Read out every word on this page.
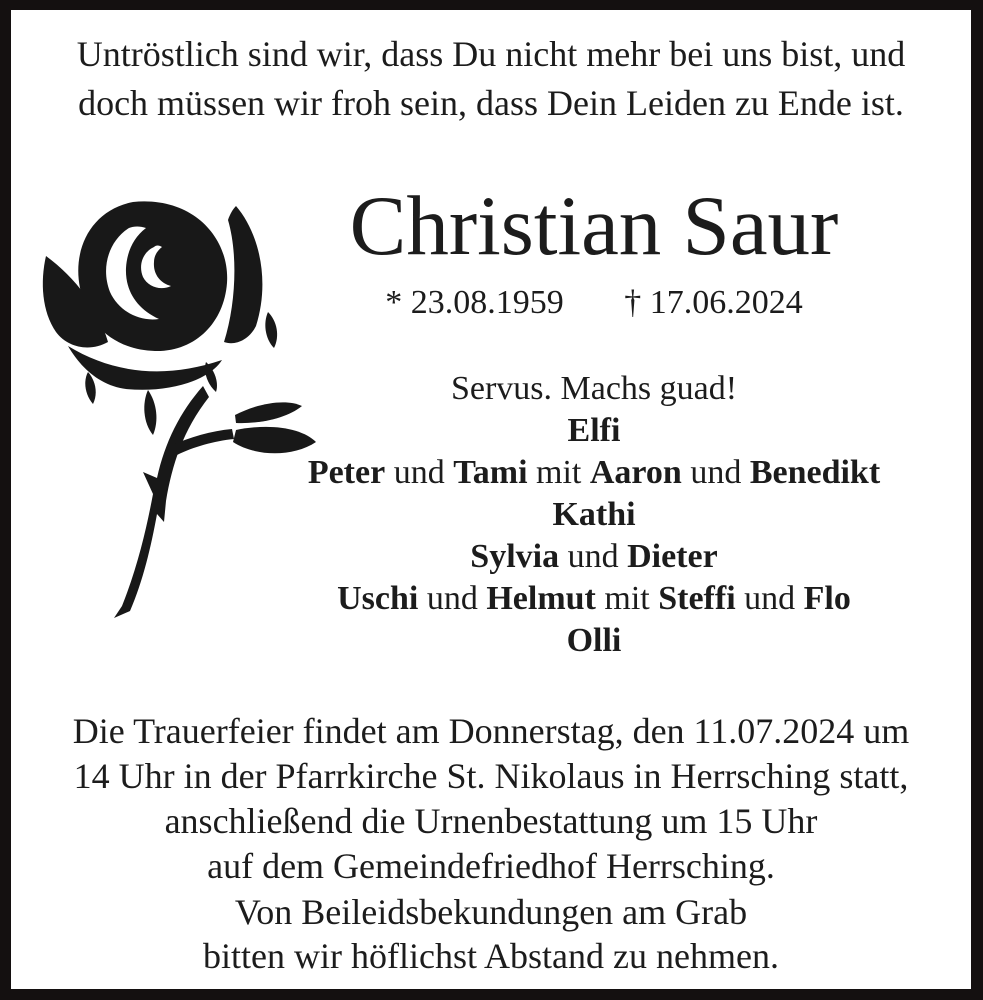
Untröstlich sind wir, dass Du nicht mehr bei uns bist, und
doch müssen wir froh sein, dass Dein Leiden zu Ende ist.
Christian Saur
* 23.08.1959 † 17.06.2024
Servus. Machs guad!
Elfi
Peter und Tami mit Aaron und Benedikt
Kathi
Sylvia und Dieter
Uschi und Helmut mit Steffi und Flo
Olli
Die Trauerfeier findet am Donnerstag, den 11.07.2024 um
14 Uhr in der Pfarrkirche St. Nikolaus in Herrsching statt,
anschließend die Urnenbestattung um 15 Uhr
auf dem Gemeindefriedhof Herrsching.
Von Beileidsbekundungen am Grab
bitten wir höflichst Abstand zu nehmen.
